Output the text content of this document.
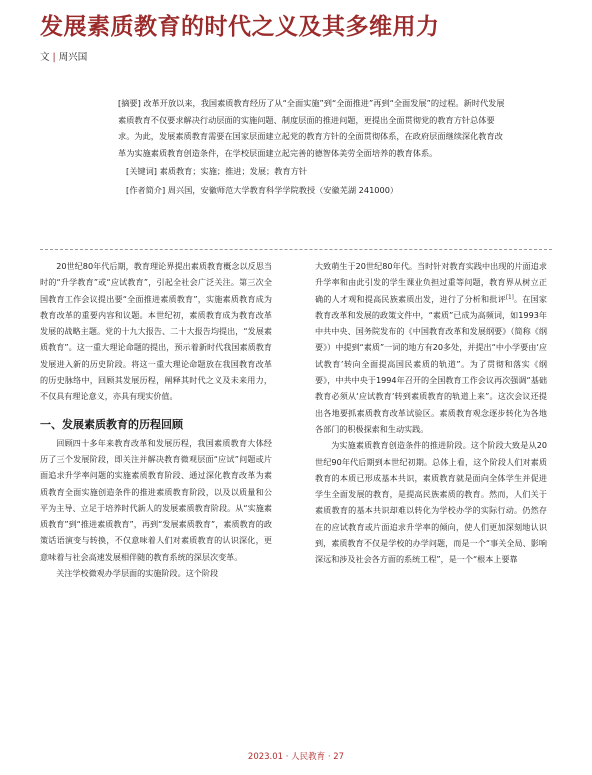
发展素质教育的时代之义及其多维用力
文 | 周兴国

[摘要] 改革开放以来，我国素质教育经历了从“全面实施”到“全面推进”再到“全面发展”的过程。新时代发展素质教育不仅要求解决行动层面的实施问题、制度层面的推进问题，更提出全面贯彻党的教育方针总体要求。为此，发展素质教育需要在国家层面建立起党的教育方针的全面贯彻体系，在政府层面继续深化教育改革为实施素质教育创造条件，在学校层面建立起完善的德智体美劳全面培养的教育体系。

[关键词] 素质教育；实施；推进；发展；教育方针

[作者简介] 周兴国，安徽师范大学教育科学学院教授（安徽芜湖 241000）

20世纪80年代后期，教育理论界提出素质教育概念以反思当时的“升学教育”或“应试教育”，引起全社会广泛关注。第三次全国教育工作会议提出要“全面推进素质教育”，实施素质教育成为教育改革的重要内容和议题。本世纪初，素质教育成为教育改革发展的战略主题。党的十九大报告、二十大报告均提出，“发展素质教育”。这一重大理论命题的提出，预示着新时代我国素质教育发展进入新的历史阶段。将这一重大理论命题放在我国教育改革的历史脉络中，回顾其发展历程，阐释其时代之义及未来用力，不仅具有理论意义，亦具有现实价值。

一、发展素质教育的历程回顾

回顾四十多年来教育改革和发展历程，我国素质教育大体经历了三个发展阶段，即关注并解决教育微观层面“应试”问题或片面追求升学率问题的实施素质教育阶段、通过深化教育改革为素质教育全面实施创造条件的推进素质教育阶段，以及以质量和公平为主导、立足于培养时代新人的发展素质教育阶段。从“实施素质教育”到“推进素质教育”，再到“发展素质教育”，素质教育的政策话语演变与转换，不仅意味着人们对素质教育的认识深化，更意味着与社会高速发展相伴随的教育系统的深层次变革。

关注学校微观办学层面的实施阶段。这个阶段

大致萌生于20世纪80年代。当时针对教育实践中出现的片面追求升学率和由此引发的学生课业负担过重等问题，教育界从树立正确的人才观和提高民族素质出发，进行了分析和批评[1]。在国家教育改革和发展的政策文件中，“素质”已成为高频词，如1993年中共中央、国务院发布的《中国教育改革和发展纲要》（简称《纲要》）中提到“素质”一词的地方有20多处，并提出“中小学要由‘应试教育’转向全面提高国民素质的轨道”。为了贯彻和落实《纲要》，中共中央于1994年召开的全国教育工作会议再次强调“基础教育必须从‘应试教育’转到素质教育的轨道上来”。这次会议还提出各地要抓素质教育改革试验区。素质教育观念逐步转化为各地各部门的积极探索和生动实践。

为实施素质教育创造条件的推进阶段。这个阶段大致是从20世纪90年代后期到本世纪初期。总体上看，这个阶段人们对素质教育的本质已形成基本共识，素质教育就是面向全体学生并促进学生全面发展的教育，是提高民族素质的教育。然而，人们关于素质教育的基本共识却难以转化为学校办学的实际行动。仍然存在的应试教育或片面追求升学率的倾向，使人们更加深刻地认识到，素质教育不仅是学校的办学问题，而是一个“事关全局、影响深远和涉及社会各方面的系统工程”，是一个“根本上要靠

2023.01 · 人民教育 · 27
